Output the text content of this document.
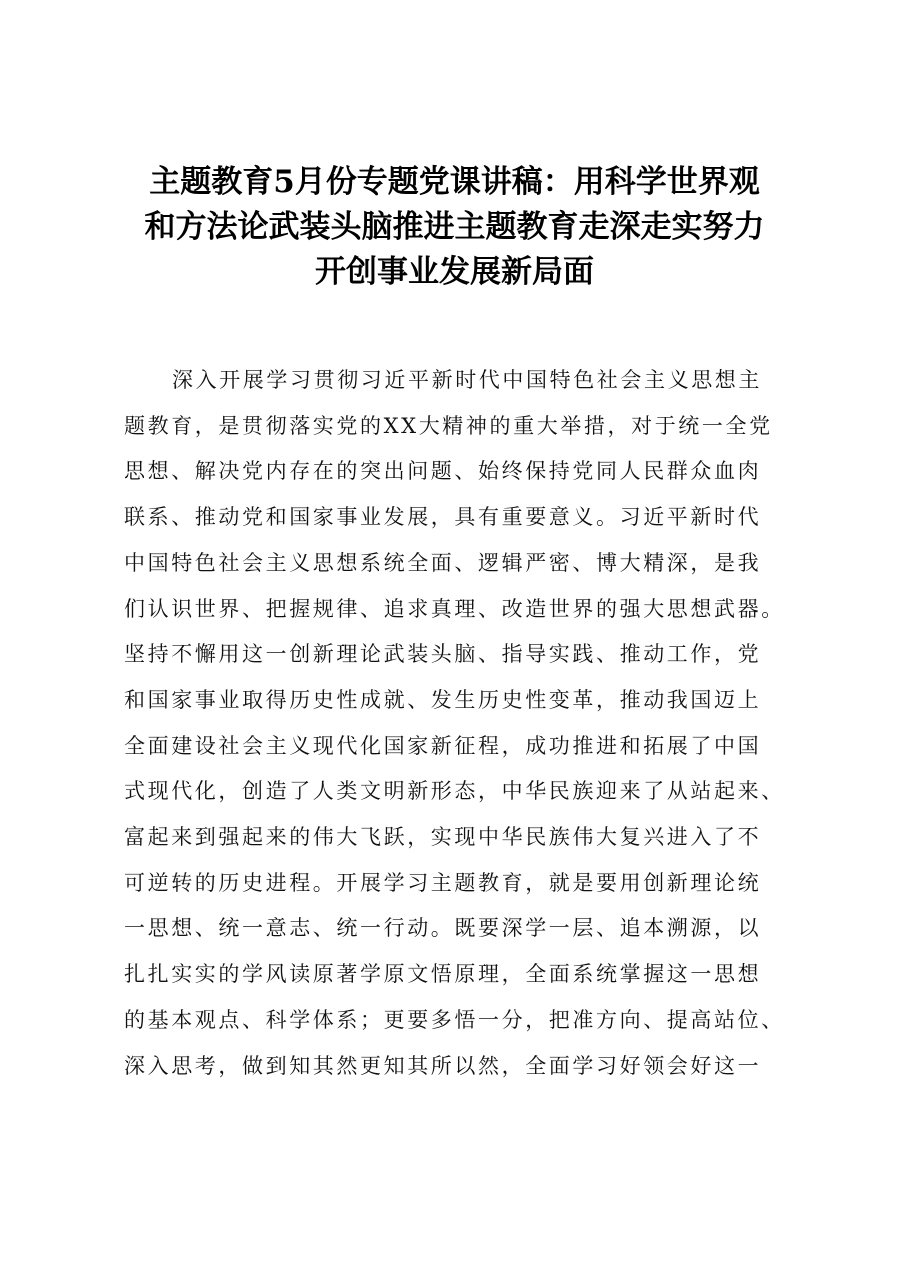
主题教育5月份专题党课讲稿：用科学世界观
和方法论武装头脑推进主题教育走深走实努力
开创事业发展新局面
深入开展学习贯彻习近平新时代中国特色社会主义思想主
题教育，是贯彻落实党的XX大精神的重大举措，对于统一全党
思想、解决党内存在的突出问题、始终保持党同人民群众血肉
联系、推动党和国家事业发展，具有重要意义。习近平新时代
中国特色社会主义思想系统全面、逻辑严密、博大精深，是我
们认识世界、把握规律、追求真理、改造世界的强大思想武器。
坚持不懈用这一创新理论武装头脑、指导实践、推动工作，党
和国家事业取得历史性成就、发生历史性变革，推动我国迈上
全面建设社会主义现代化国家新征程，成功推进和拓展了中国
式现代化，创造了人类文明新形态，中华民族迎来了从站起来、
富起来到强起来的伟大飞跃，实现中华民族伟大复兴进入了不
可逆转的历史进程。开展学习主题教育，就是要用创新理论统
一思想、统一意志、统一行动。既要深学一层、追本溯源，以
扎扎实实的学风读原著学原文悟原理，全面系统掌握这一思想
的基本观点、科学体系；更要多悟一分，把准方向、提高站位、
深入思考，做到知其然更知其所以然，全面学习好领会好这一
